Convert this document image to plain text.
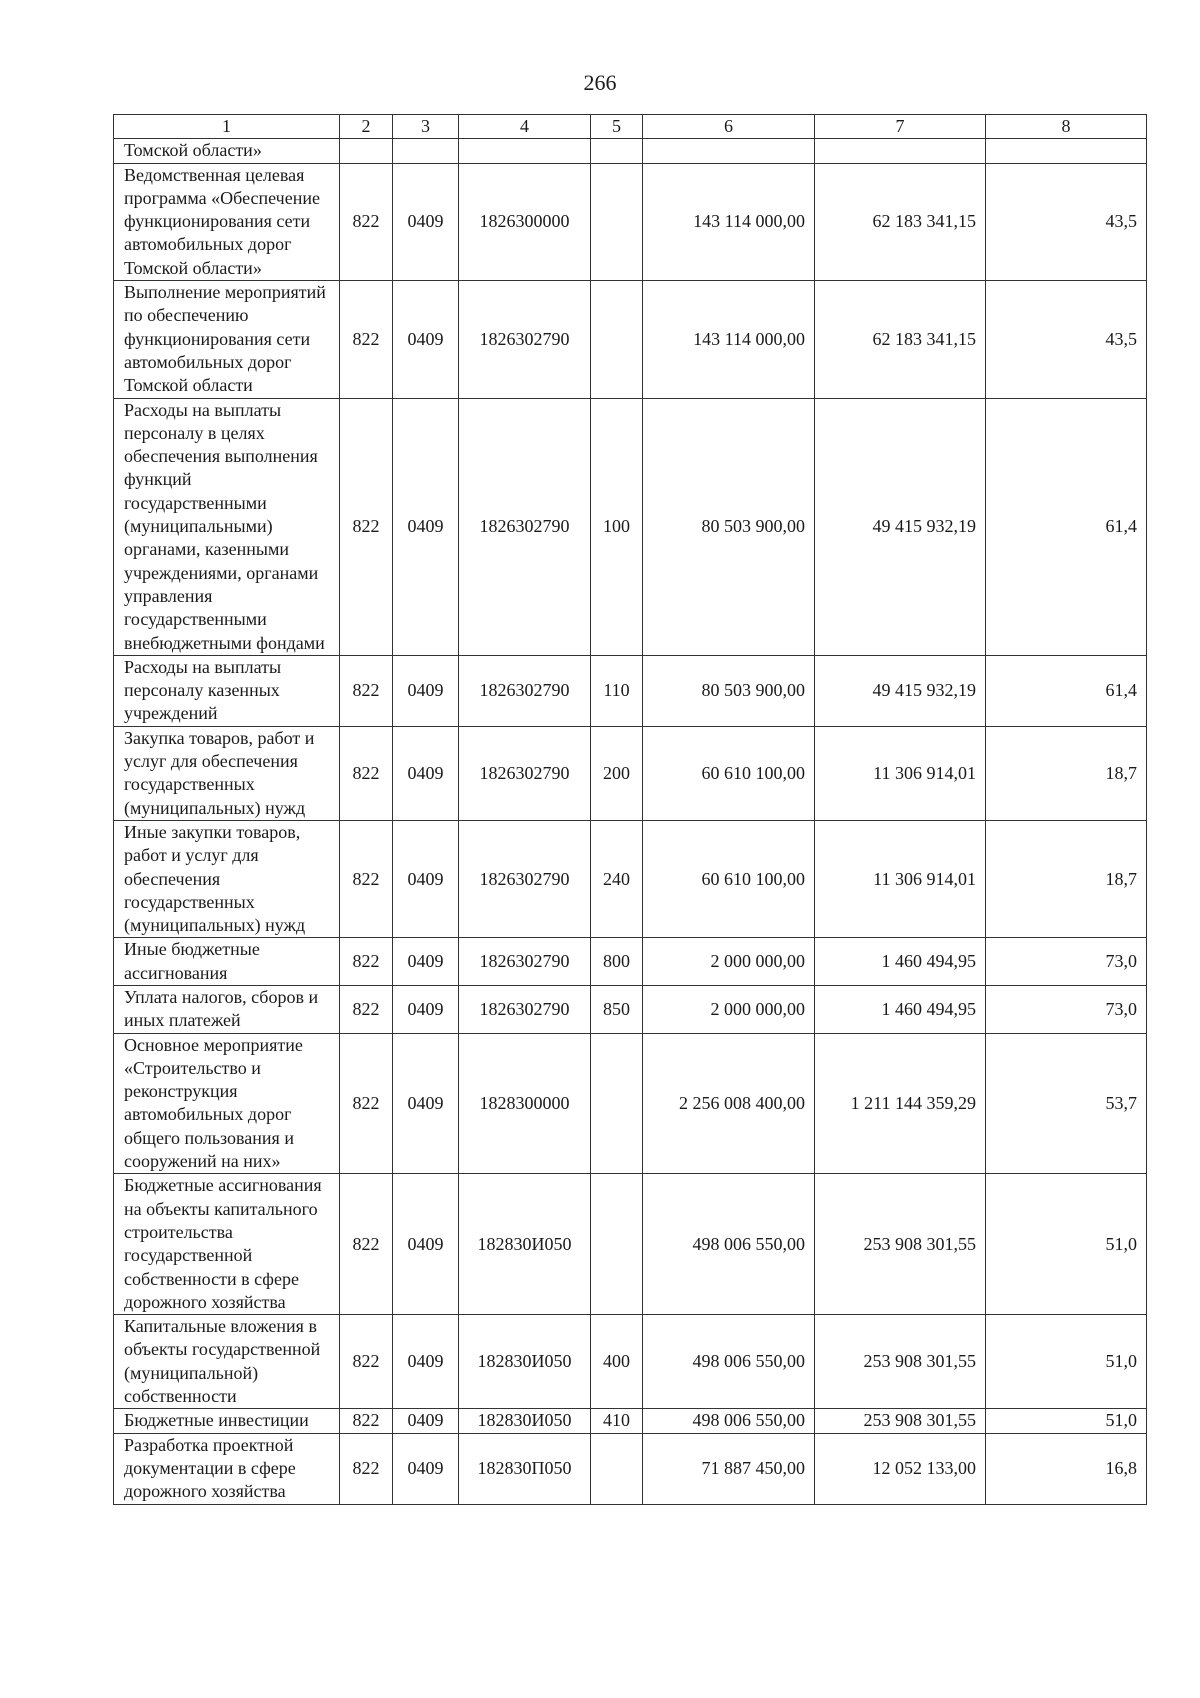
266
1	2	3	4	5	6	7	8
Томской области»							
Ведомственная целевая программа «Обеспечение функционирования сети автомобильных дорог Томской области»	822	0409	1826300000		143 114 000,00	62 183 341,15	43,5
Выполнение мероприятий по обеспечению функционирования сети автомобильных дорог Томской области	822	0409	1826302790		143 114 000,00	62 183 341,15	43,5
Расходы на выплаты персоналу в целях обеспечения выполнения функций государственными (муниципальными) органами, казенными учреждениями, органами управления государственными внебюджетными фондами	822	0409	1826302790	100	80 503 900,00	49 415 932,19	61,4
Расходы на выплаты персоналу казенных учреждений	822	0409	1826302790	110	80 503 900,00	49 415 932,19	61,4
Закупка товаров, работ и услуг для обеспечения государственных (муниципальных) нужд	822	0409	1826302790	200	60 610 100,00	11 306 914,01	18,7
Иные закупки товаров, работ и услуг для обеспечения государственных (муниципальных) нужд	822	0409	1826302790	240	60 610 100,00	11 306 914,01	18,7
Иные бюджетные ассигнования	822	0409	1826302790	800	2 000 000,00	1 460 494,95	73,0
Уплата налогов, сборов и иных платежей	822	0409	1826302790	850	2 000 000,00	1 460 494,95	73,0
Основное мероприятие «Строительство и реконструкция автомобильных дорог общего пользования и сооружений на них»	822	0409	1828300000		2 256 008 400,00	1 211 144 359,29	53,7
Бюджетные ассигнования на объекты капитального строительства государственной собственности в сфере дорожного хозяйства	822	0409	182830И050		498 006 550,00	253 908 301,55	51,0
Капитальные вложения в объекты государственной (муниципальной) собственности	822	0409	182830И050	400	498 006 550,00	253 908 301,55	51,0
Бюджетные инвестиции	822	0409	182830И050	410	498 006 550,00	253 908 301,55	51,0
Разработка проектной документации в сфере дорожного хозяйства	822	0409	182830П050		71 887 450,00	12 052 133,00	16,8
